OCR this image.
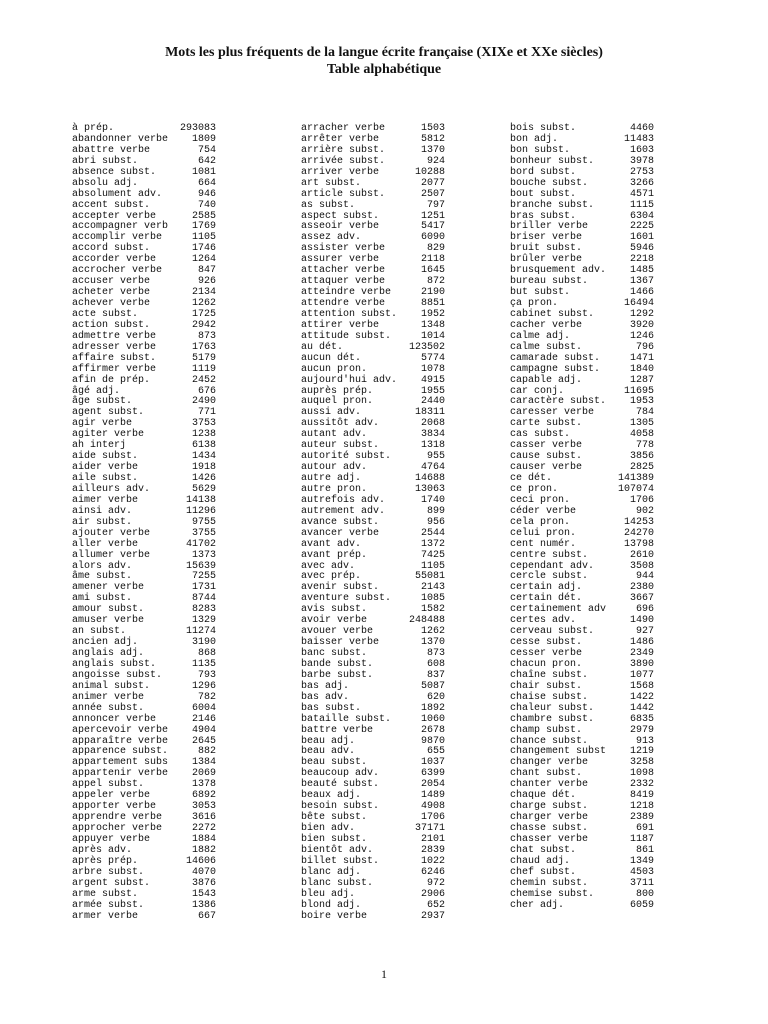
Mots les plus fréquents de la langue écrite française (XIXe et XXe siècles)
Table alphabétique
à prép.	293083
abandonner verbe 1809
abattre verbe	754
abri subst.	642
absence subst.	1081
absolu adj.	664
absolument adv.	946
accent subst.	740
accepter verbe	2585
accompagner verb 1769
accomplir verbe	1105
accord subst.	1746
accorder verbe	1264
accrocher verbe	847
accuser verbe	926
acheter verbe	2134
achever verbe	1262
acte subst.	1725
action subst.	2942
admettre verbe	873
adresser verbe	1763
affaire subst.	5179
affirmer verbe	1119
afin de prép.	2452
âgé adj.	676
âge subst.	2490
agent subst.	771
agir verbe	3753
agiter verbe	1238
ah interj	6138
aide subst.	1434
aider verbe	1918
aile subst.	1426
ailleurs adv.	5629
aimer verbe	14138
ainsi adv.	11296
air subst.	9755
ajouter verbe	3755
aller verbe	41702
allumer verbe	1373
alors adv.	15639
âme subst.	7255
amener verbe	1731
ami subst.	8744
amour subst.	8283
amuser verbe	1329
an subst.	11274
ancien adj.	3190
anglais adj.	868
anglais subst.	1135
angoisse subst.	793
animal subst.	1296
animer verbe	782
année subst.	6004
annoncer verbe	2146
apercevoir verbe 4904
apparaître verbe 2645
apparence subst.	882
appartement subs 1384
appartenir verbe 2069
appel subst.	1378
appeler verbe	6892
apporter verbe	3053
apprendre verbe	3616
approcher verbe	2272
appuyer verbe	1884
après adv.	1882
après prép.	14606
arbre subst.	4070
argent subst.	3876
arme subst.	1543
armée subst.	1386
armer verbe	667
arracher verbe	1503
arrêter verbe	5812
arrière subst.	1370
arrivée subst.	924
arriver verbe	10288
art subst.	2077
article subst.	2507
as subst.	797
aspect subst.	1251
asseoir verbe	5417
assez adv.	6090
assister verbe	829
assurer verbe	2118
attacher verbe	1645
attaquer verbe	872
atteindre verbe	2190
attendre verbe	8851
attention subst. 1952
attirer verbe	1348
attitude subst.	1014
au dét.	123502
aucun dét.	5774
aucun pron.	1078
aujourd'hui adv. 4915
auprès prép.	1955
auquel pron.	2440
aussi adv.	18311
aussitôt adv.	2068
autant adv.	3834
auteur subst.	1318
autorité subst.	955
autour adv.	4764
autre adj.	14688
autre pron.	13063
autrefois adv.	1740
autrement adv.	899
avance subst.	956
avancer verbe	2544
avant adv.	1372
avant prép.	7425
avec adv.	1105
avec prép.	55081
avenir subst.	2143
aventure subst.	1085
avis subst.	1582
avoir verbe	248488
avouer verbe	1262
baisser verbe	1370
banc subst.	873
bande subst.	608
barbe subst.	837
bas adj.	5087
bas adv.	620
bas subst.	1892
bataille subst.	1060
battre verbe	2678
beau adj.	9870
beau adv.	655
beau subst.	1037
beaucoup adv.	6399
beauté subst.	2054
beaux adj.	1489
besoin subst.	4908
bête subst.	1706
bien adv.	37171
bien subst.	2101
bientôt adv.	2839
billet subst.	1022
blanc adj.	6246
blanc subst.	972
bleu adj.	2906
blond adj.	652
boire verbe	2937
bois subst.	4460
bon adj.	11483
bon subst.	1603
bonheur subst.	3978
bord subst.	2753
bouche subst.	3266
bout subst.	4571
branche subst.	1115
bras subst.	6304
briller verbe	2225
briser verbe	1601
bruit subst.	5946
brûler verbe	2218
brusquement adv. 1485
bureau subst.	1367
but subst.	1466
ça pron.	16494
cabinet subst.	1292
cacher verbe	3920
calme adj.	1246
calme subst.	796
camarade subst.	1471
campagne subst.	1840
capable adj.	1287
car conj.	11695
caractère subst. 1953
caresser verbe	784
carte subst.	1305
cas subst.	4058
casser verbe	778
cause subst.	3856
causer verbe	2825
ce dét.	141389
ce pron.	107074
ceci pron.	1706
céder verbe	902
cela pron.	14253
celui pron.	24270
cent numér.	13798
centre subst.	2610
cependant adv.	3508
cercle subst.	944
certain adj.	2380
certain dét.	3667
certainement adv	696
certes adv.	1490
cerveau subst.	927
cesse subst.	1486
cesser verbe	2349
chacun pron.	3890
chaîne subst.	1077
chair subst.	1568
chaise subst.	1422
chaleur subst.	1442
chambre subst.	6835
champ subst.	2979
chance subst.	913
changement subst 1219
changer verbe	3258
chant subst.	1098
chanter verbe	2332
chaque dét.	8419
charge subst.	1218
charger verbe	2389
chasse subst.	691
chasser verbe	1187
chat subst.	861
chaud adj.	1349
chef subst.	4503
chemin subst.	3711
chemise subst.	800
cher adj.	6059
1
